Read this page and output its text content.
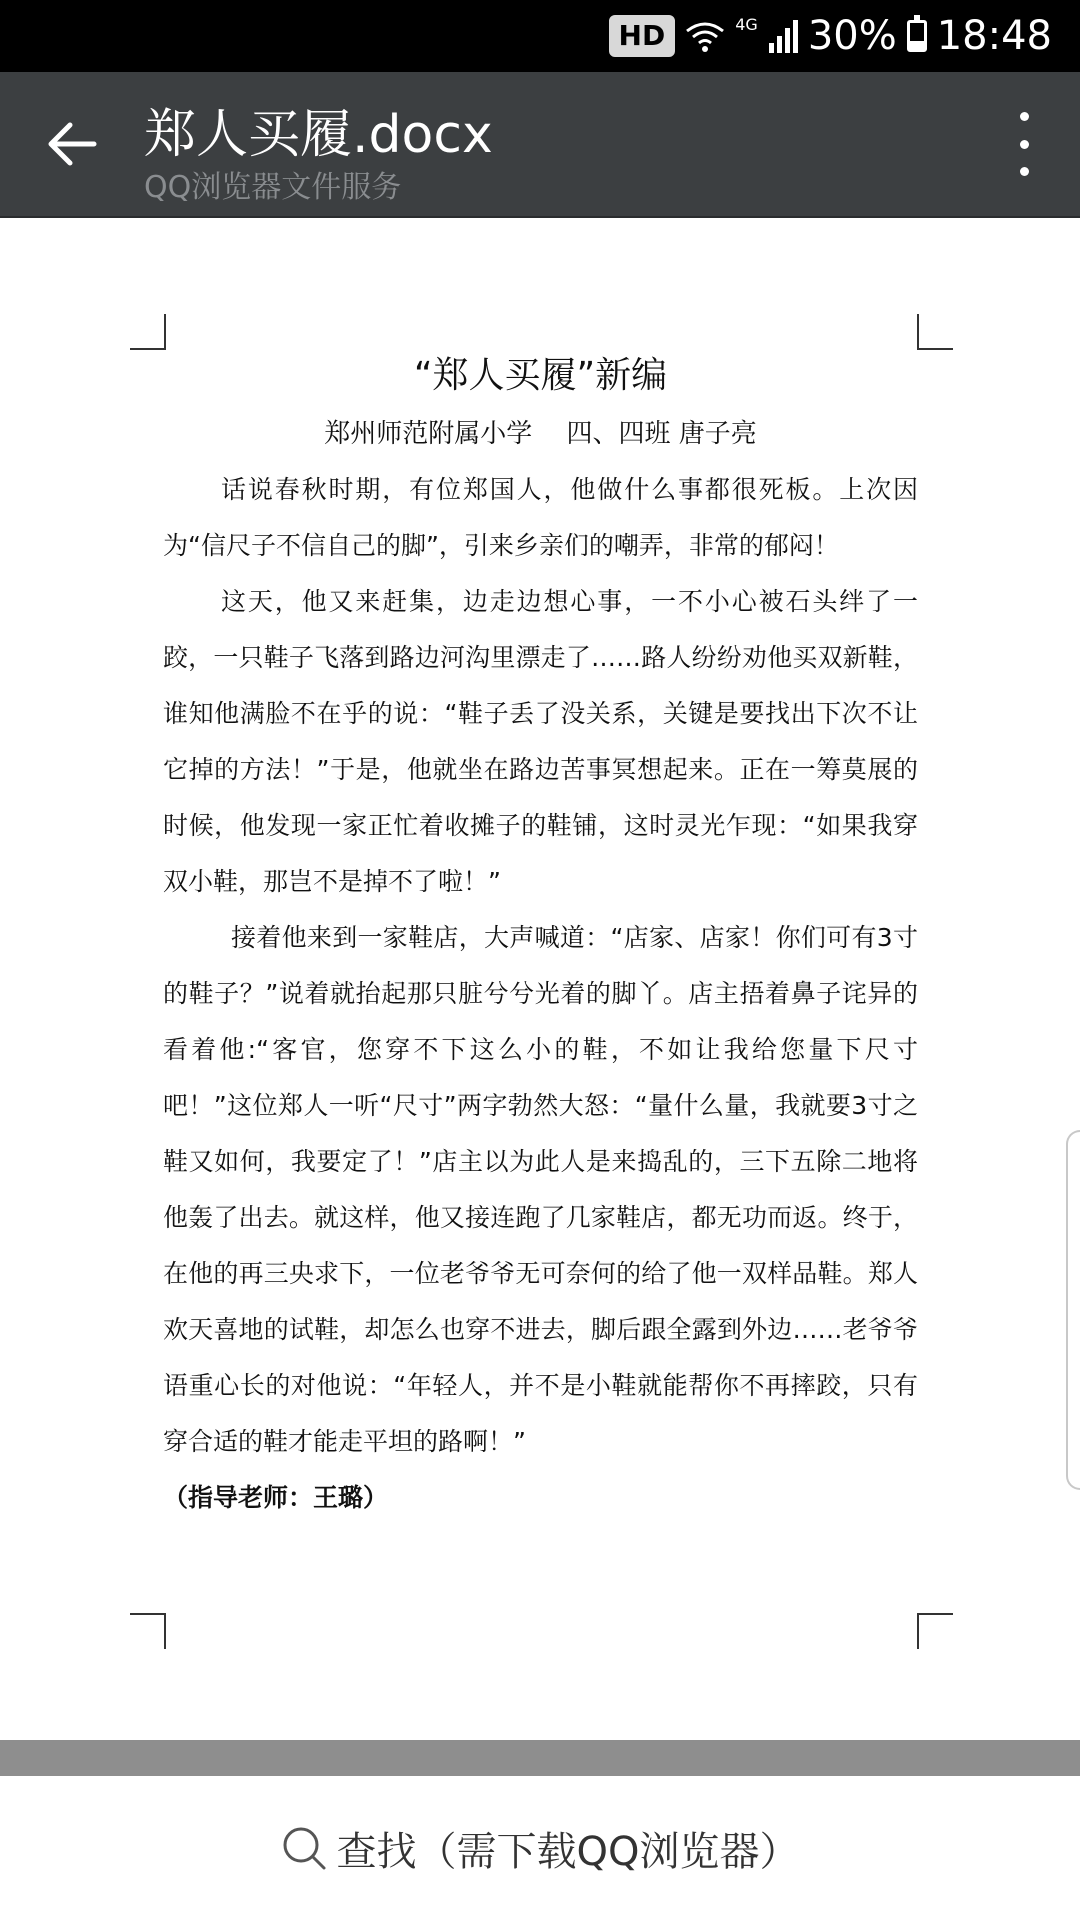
HD	4G 30% 18:48
郑人买履.docx
QQ浏览器文件服务

“郑人买履”新编

郑州师范附属小学　 四、四班 唐子亮

话说春秋时期，有位郑国人，他做什么事都很死板。上次因为“信尺子不信自己的脚”，引来乡亲们的嘲弄，非常的郁闷！

这天，他又来赶集，边走边想心事，一不小心被石头绊了一跤，一只鞋子飞落到路边河沟里漂走了……路人纷纷劝他买双新鞋，谁知他满脸不在乎的说：“鞋子丢了没关系，关键是要找出下次不让它掉的方法！”于是，他就坐在路边苦事冥想起来。正在一筹莫展的时候，他发现一家正忙着收摊子的鞋铺，这时灵光乍现：“如果我穿双小鞋，那岂不是掉不了啦！”

接着他来到一家鞋店，大声喊道：“店家、店家！你们可有3寸的鞋子？”说着就抬起那只脏兮兮光着的脚丫。店主捂着鼻子诧异的看着他:“客官，您穿不下这么小的鞋，不如让我给您量下尺寸吧！”这位郑人一听“尺寸”两字勃然大怒：“量什么量，我就要3寸之鞋又如何，我要定了！”店主以为此人是来捣乱的，三下五除二地将他轰了出去。就这样，他又接连跑了几家鞋店，都无功而返。终于，在他的再三央求下，一位老爷爷无可奈何的给了他一双样品鞋。郑人欢天喜地的试鞋，却怎么也穿不进去，脚后跟全露到外边……老爷爷语重心长的对他说：“年轻人，并不是小鞋就能帮你不再摔跤，只有穿合适的鞋才能走平坦的路啊！”

（指导老师：王璐）

查找（需下载QQ浏览器）
